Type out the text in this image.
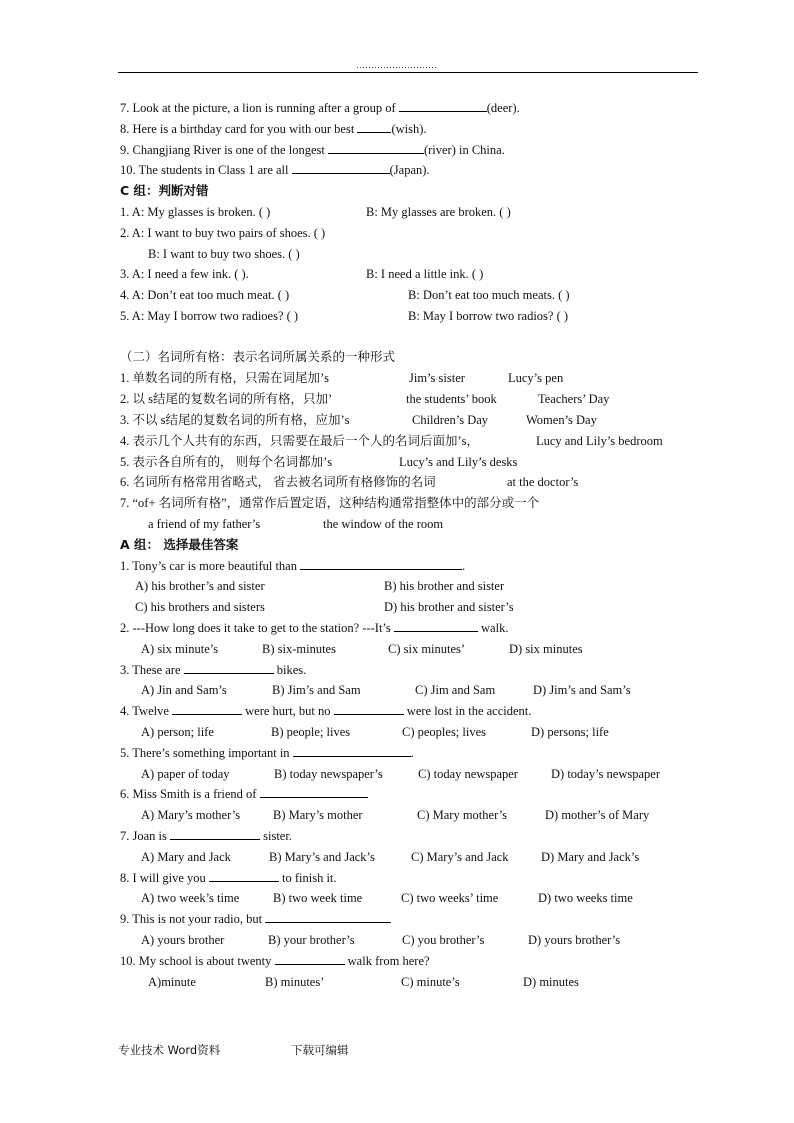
………………………
7. Look at the picture, a lion is running after a group of	(deer).
8. Here is a birthday card for you with our best	(wish).
9. Changjiang River is one of the longest	(river) in China.
10. The students in Class 1 are all	(Japan).
C 组：判断对错
1. A: My glasses is broken. ( )	B: My glasses are broken. ( )
2. A: I want to buy two pairs of shoes. ( )
B: I want to buy two shoes. ( )
3. A: I need a few ink. ( ).	B: I need a little ink. ( )
4. A: Don’t eat too much meat. ( )	B: Don’t eat too much meats. ( )
5. A: May I borrow two radioes? ( )	B: May I borrow two radios? ( )
（二）名词所有格：表示名词所属关系的一种形式
1. 单数名词的所有格，只需在词尾加’s	Jim’s sister	Lucy’s pen
2. 以 s结尾的复数名词的所有格，只加’	the students’ book	Teachers’ Day
3. 不以 s结尾的复数名词的所有格，应加’s	Children’s Day	Women’s Day
4. 表示几个人共有的东西，只需要在最后一个人的名词后面加’s，	Lucy and Lily’s bedroom
5. 表示各自所有的， 则每个名词都加’s	Lucy’s and Lily’s desks
6. 名词所有格常用省略式， 省去被名词所有格修饰的名词	at the doctor’s
7. “of+ 名词所有格”，通常作后置定语，这种结构通常指整体中的部分或一个
a friend of my father’s	the window of the room
A 组： 选择最佳答案
1. Tony’s car is more beautiful than	.
A) his brother’s and sister	B) his brother and sister
C) his brothers and sisters	D) his brother and sister’s
2. ---How long does it take to get to the station? ---It’s	walk.
A) six minute’s	B) six-minutes	C) six minutes’	D) six minutes
3. These are	bikes.
A) Jin and Sam’s	B) Jim’s and Sam	C) Jim and Sam	D) Jim’s and Sam’s
4. Twelve	were hurt, but no	were lost in the accident.
A) person; life	B) people; lives	C) peoples; lives	D) persons; life
5. There’s something important in	.
A) paper of today	B) today newspaper’s	C) today newspaper	D) today’s newspaper
6. Miss Smith is a friend of
A) Mary’s mother’s	B) Mary’s mother	C) Mary mother’s	D) mother’s of Mary
7. Joan is	sister.
A) Mary and Jack	B) Mary’s and Jack’s	C) Mary’s and Jack	D) Mary and Jack’s
8. I will give you	to finish it.
A) two week’s time	B) two week time	C) two weeks’ time	D) two weeks time
9. This is not your radio, but
A) yours brother	B) your brother’s	C) you brother’s	D) yours brother’s
10. My school is about twenty	walk from here?
A)minute	B) minutes’	C) minute’s	D) minutes
专业技术 Word资料	下载可编辑
